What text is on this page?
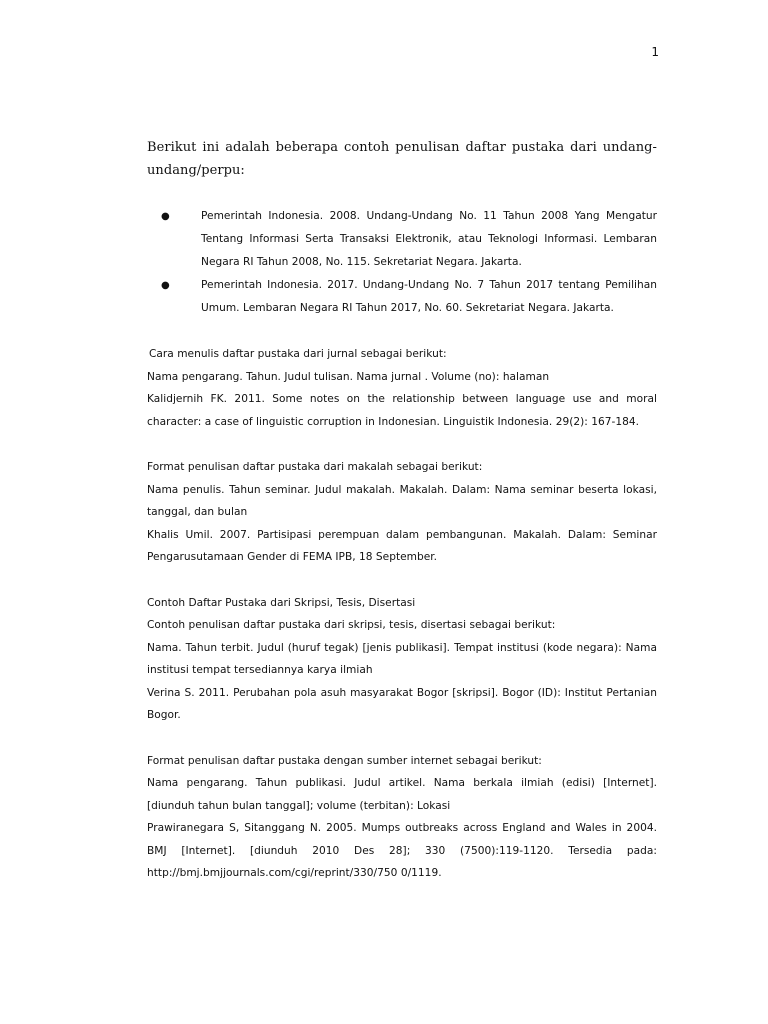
1

Berikut ini adalah beberapa contoh penulisan daftar pustaka dari undang-undang/perpu:

●	Pemerintah Indonesia. 2008. Undang-Undang No. 11 Tahun 2008 Yang Mengatur Tentang Informasi Serta Transaksi Elektronik, atau Teknologi Informasi. Lembaran Negara RI Tahun 2008, No. 115. Sekretariat Negara. Jakarta.

●	Pemerintah Indonesia. 2017. Undang-Undang No. 7 Tahun 2017 tentang Pemilihan Umum. Lembaran Negara RI Tahun 2017, No. 60. Sekretariat Negara. Jakarta.

Cara menulis daftar pustaka dari jurnal sebagai berikut:

Nama pengarang. Tahun. Judul tulisan. Nama jurnal . Volume (no): halaman

Kalidjernih FK. 2011. Some notes on the relationship between language use and moral character: a case of linguistic corruption in Indonesian. Linguistik Indonesia. 29(2): 167-184.

Format penulisan daftar pustaka dari makalah sebagai berikut:

Nama penulis. Tahun seminar. Judul makalah. Makalah. Dalam: Nama seminar beserta lokasi, tanggal, dan bulan

Khalis Umil. 2007. Partisipasi perempuan dalam pembangunan. Makalah. Dalam: Seminar Pengarusutamaan Gender di FEMA IPB, 18 September.

Contoh Daftar Pustaka dari Skripsi, Tesis, Disertasi

Contoh penulisan daftar pustaka dari skripsi, tesis, disertasi sebagai berikut:

Nama. Tahun terbit. Judul (huruf tegak) [jenis publikasi]. Tempat institusi (kode negara): Nama institusi tempat tersediannya karya ilmiah

Verina S. 2011. Perubahan pola asuh masyarakat Bogor [skripsi]. Bogor (ID): Institut Pertanian Bogor.

Format penulisan daftar pustaka dengan sumber internet sebagai berikut:

Nama pengarang. Tahun publikasi. Judul artikel. Nama berkala ilmiah (edisi) [Internet]. [diunduh tahun bulan tanggal]; volume (terbitan): Lokasi

Prawiranegara S, Sitanggang N. 2005. Mumps outbreaks across England and Wales in 2004. BMJ [Internet]. [diunduh 2010 Des 28]; 330 (7500):119-1120. Tersedia pada: http://bmj.bmjjournals.com/cgi/reprint/330/750 0/1119.
